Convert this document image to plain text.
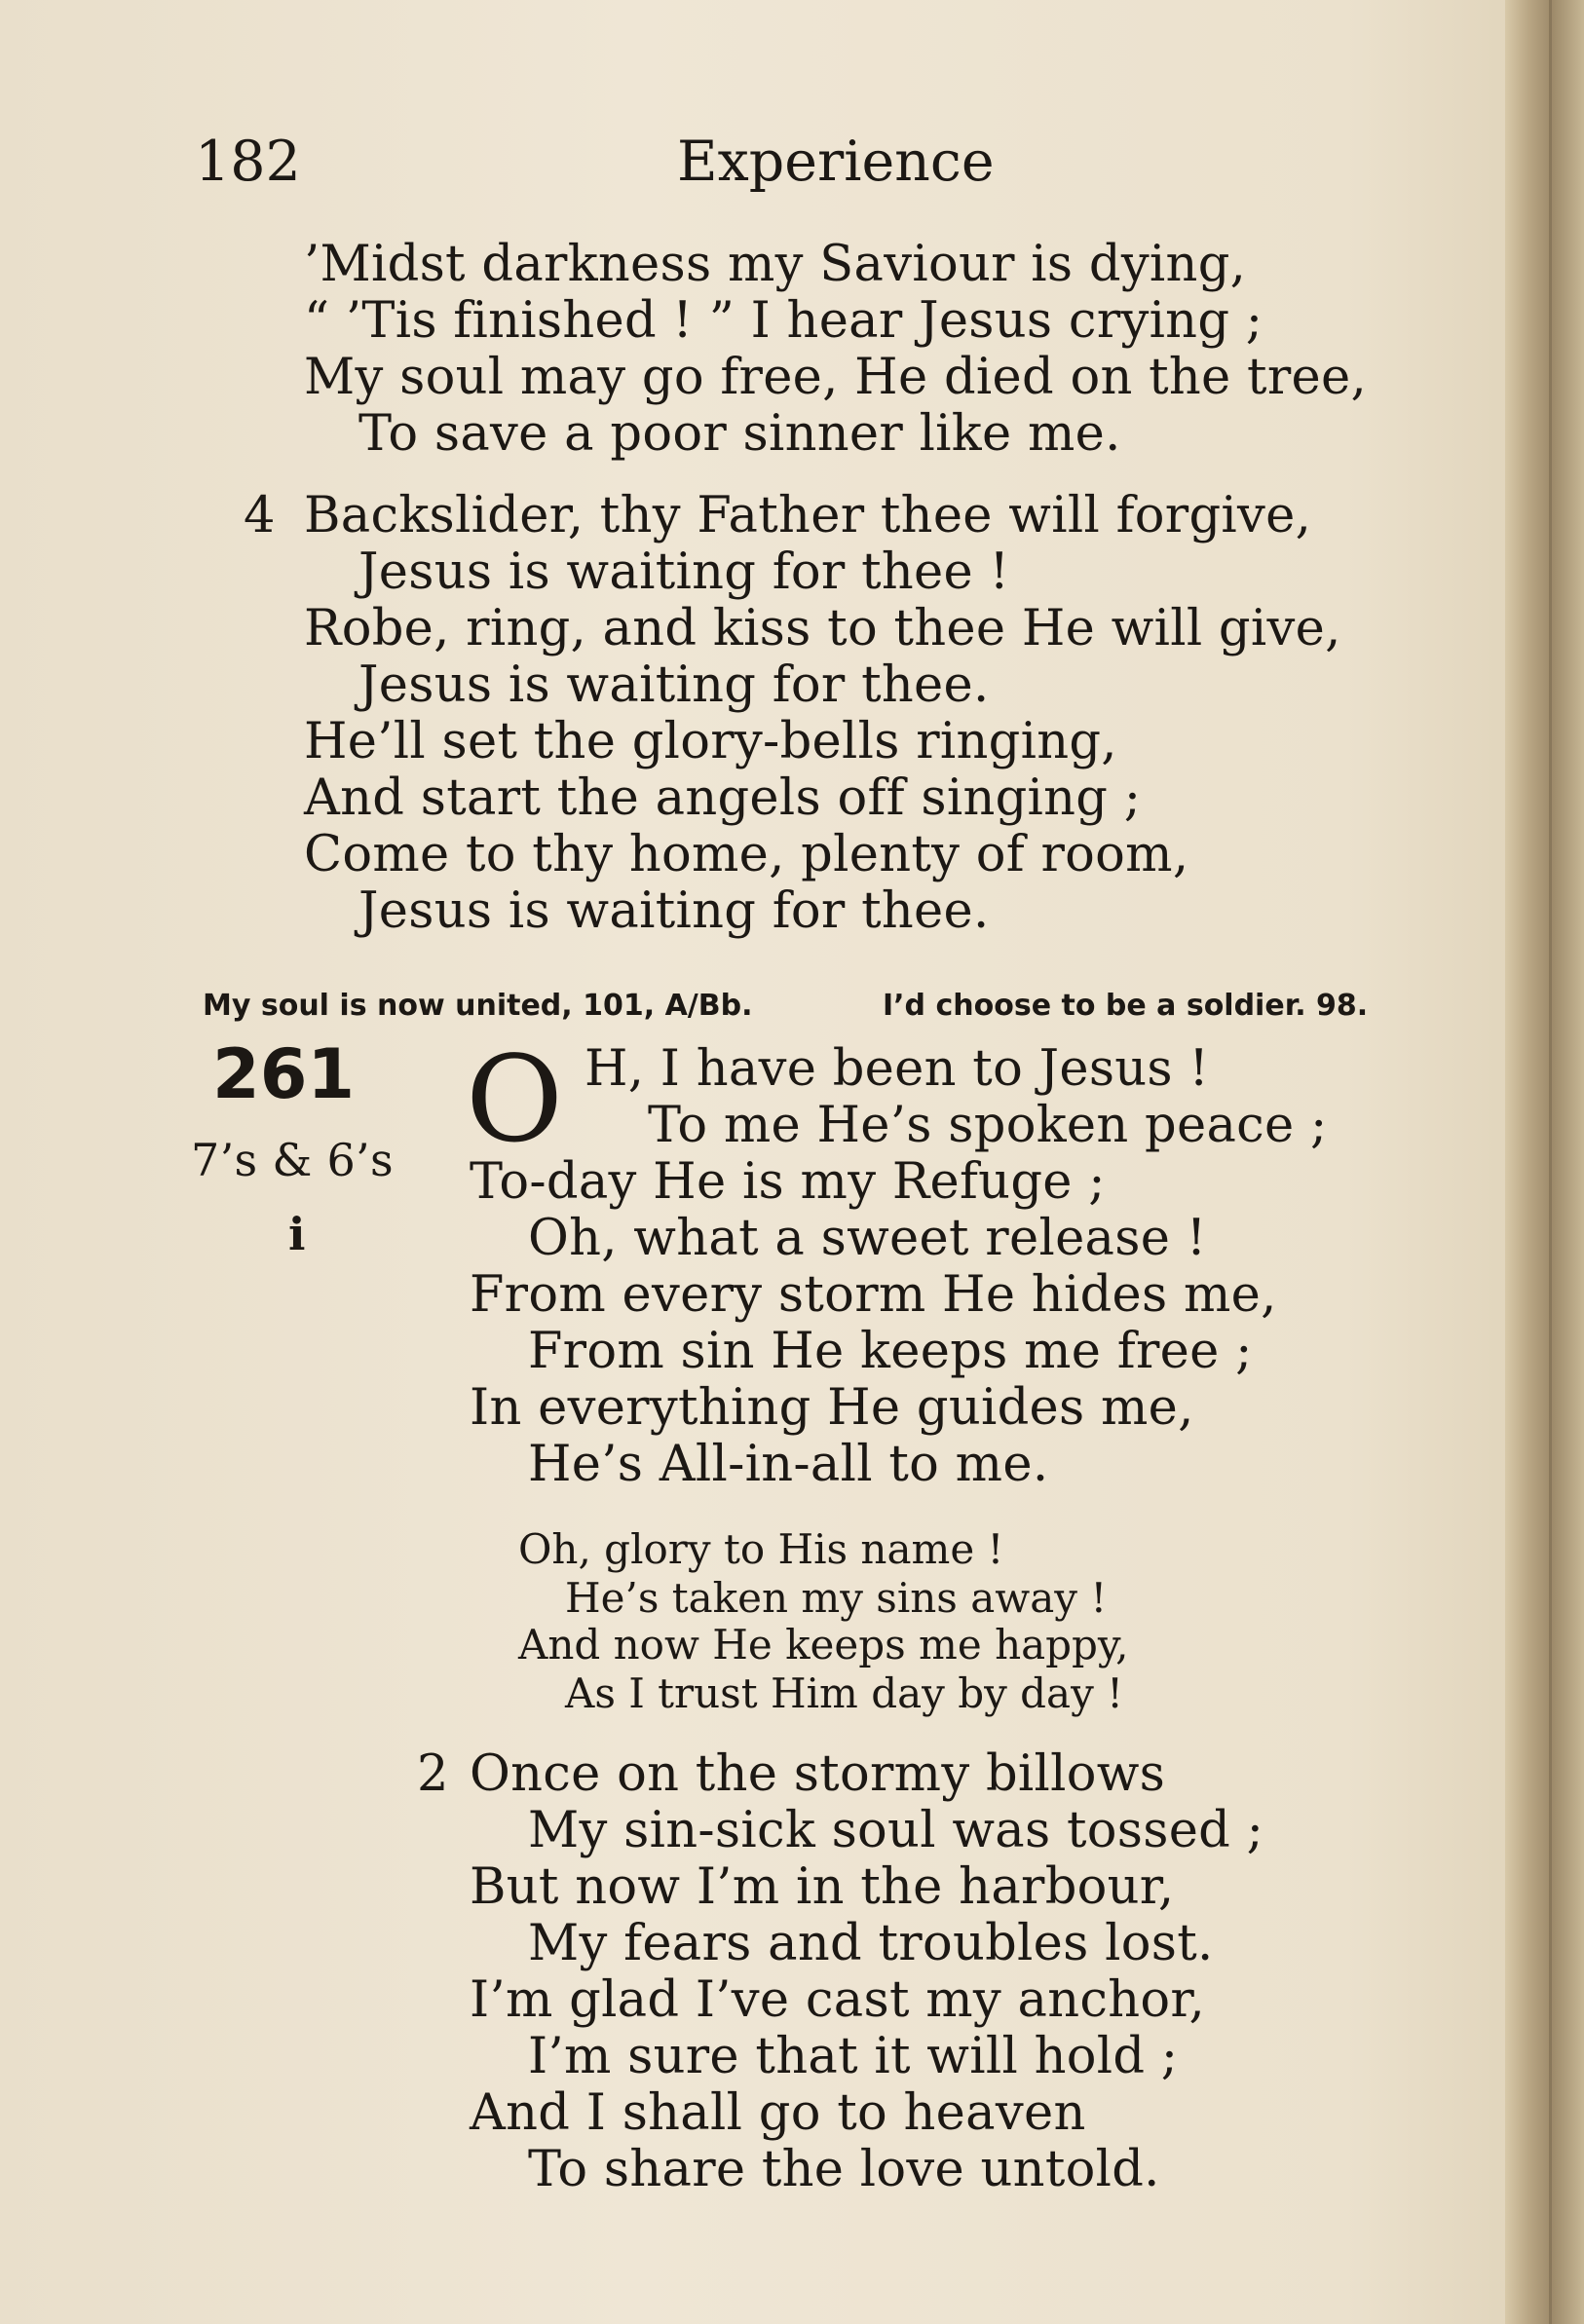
182	Experience
’Midst darkness my Saviour is dying,
“ ’Tis finished ! ” I hear Jesus crying ;
My soul may go free, He died on the tree,
To save a poor sinner like me.
4 Backslider, thy Father thee will forgive,
Jesus is waiting for thee !
Robe, ring, and kiss to thee He will give,
Jesus is waiting for thee.
He’ll set the glory-bells ringing,
And start the angels off singing ;
Come to thy home, plenty of room,
Jesus is waiting for thee.
My soul is now united, 101, A/Bb.	I’d choose to be a soldier. 98.
261
7’s & 6’s
i
O H, I have been to Jesus !
To me He’s spoken peace ;
To-day He is my Refuge ;
Oh, what a sweet release !
From every storm He hides me,
From sin He keeps me free ;
In everything He guides me,
He’s All-in-all to me.
Oh, glory to His name !
He’s taken my sins away !
And now He keeps me happy,
As I trust Him day by day !
2 Once on the stormy billows
My sin-sick soul was tossed ;
But now I’m in the harbour,
My fears and troubles lost.
I’m glad I’ve cast my anchor,
I’m sure that it will hold ;
And I shall go to heaven
To share the love untold.
